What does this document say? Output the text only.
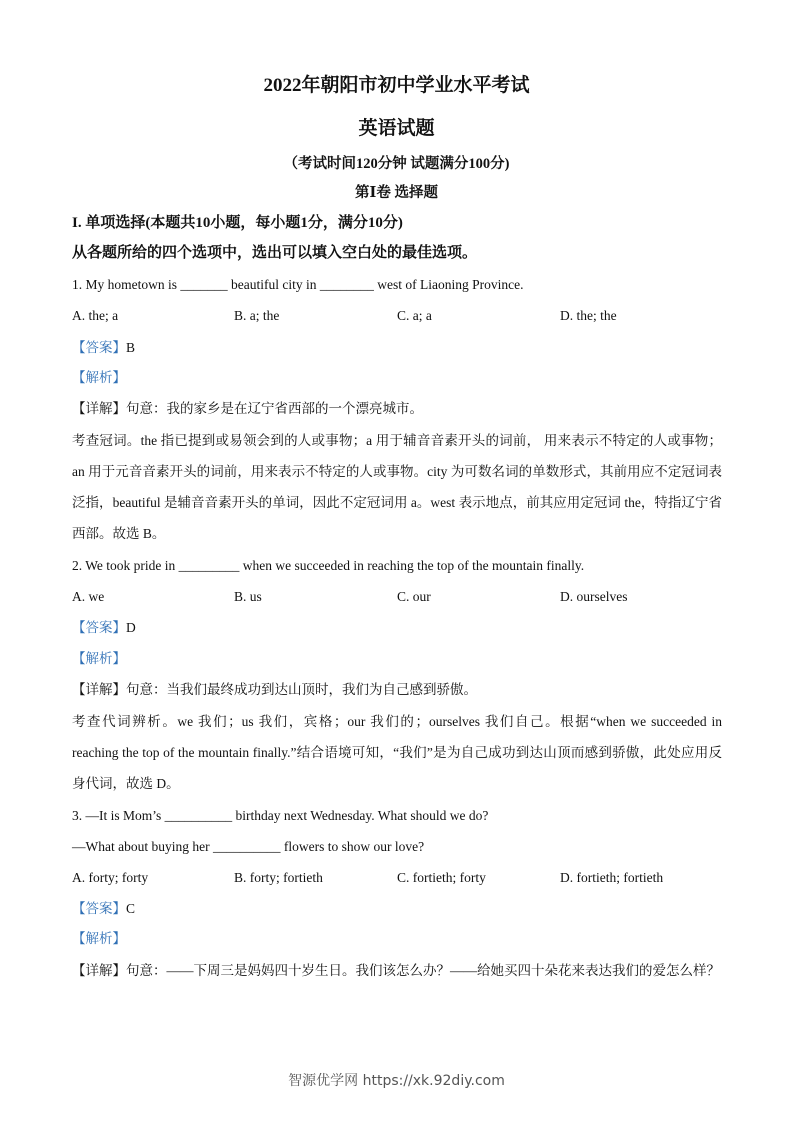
2022年朝阳市初中学业水平考试
英语试题
（考试时间120分钟 试题满分100分)
第Ⅰ卷 选择题
I. 单项选择(本题共10小题，每小题1分，满分10分)
从各题所给的四个选项中，选出可以填入空白处的最佳选项。
1. My hometown is _______ beautiful city in ________ west of Liaoning Province.
A. the; a	B. a; the	C. a; a	D. the; the
【答案】B
【解析】
【详解】句意：我的家乡是在辽宁省西部的一个漂亮城市。
考查冠词。the 指已提到或易领会到的人或事物；a 用于辅音音素开头的词前， 用来表示不特定的人或事物；an 用于元音音素开头的词前，用来表示不特定的人或事物。city 为可数名词的单数形式，其前用应不定冠词表泛指，beautiful 是辅音音素开头的单词，因此不定冠词用 a。west 表示地点，前其应用定冠词 the，特指辽宁省西部。故选 B。
2. We took pride in _________ when we succeeded in reaching the top of the mountain finally.
A. we	B. us	C. our	D. ourselves
【答案】D
【解析】
【详解】句意：当我们最终成功到达山顶时，我们为自己感到骄傲。
考查代词辨析。we 我们；us 我们，宾格；our 我们的；ourselves 我们自己。根据“when we succeeded in reaching the top of the mountain finally.”结合语境可知，“我们”是为自己成功到达山顶而感到骄傲，此处应用反身代词，故选 D。
3. —It is Mom’s __________ birthday next Wednesday. What should we do?
—What about buying her __________ flowers to show our love?
A. forty; forty	B. forty; fortieth	C. fortieth; forty	D. fortieth; fortieth
【答案】C
【解析】
【详解】句意：——下周三是妈妈四十岁生日。我们该怎么办？——给她买四十朵花来表达我们的爱怎么样？
智源优学网 https://xk.92diy.com
